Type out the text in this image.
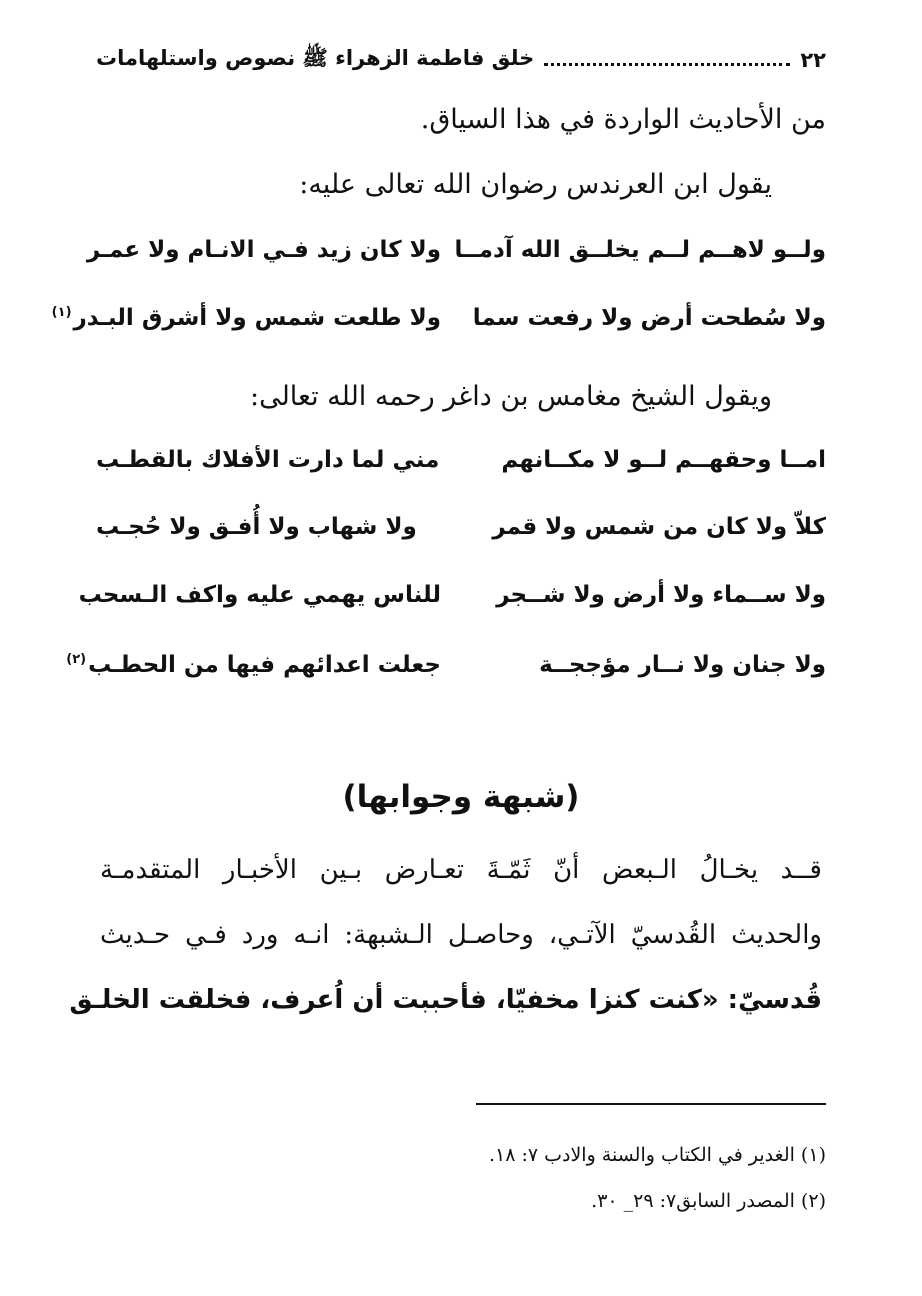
٢٢
خلق فاطمة الزهراء ﷺ نصوص واستلهامات
من الأحاديث الواردة في هذا السياق.
يقول ابن العرندس رضوان الله تعالى عليه:
ولــو لاهــم لــم يخلــق الله آدمــا
ولا كان زيد فـي الانـام ولا عمـر
ولا سُطحت أرض ولا رفعت سما
ولا طلعت شمس ولا أشرق البـدر$^{(١)}$
ويقول الشيخ مغامس بن داغر رحمه الله تعالى:
امــا وحقهــم لــو لا مكــانهم
مني لما دارت الأفلاك بالقطـب
كلاّ ولا كان من شمس ولا قمر
ولا شهاب ولا أُفـق ولا حُجـب
ولا ســماء ولا أرض ولا شــجر
للناس يهمي عليه واكف الـسحب
ولا جنان ولا نــار مؤججــة
جعلت اعدائهم فيها من الحطـب$^{(٢)}$
(شبهة وجوابها)
قــد يخـالُ الـبعض أنّ ثَمّـةَ تعـارض بـين الأخبـار المتقدمـة
والحديث القُدسيّ الآتـي، وحاصـل الـشبهة: انـه ورد فـي حـديث
قُدسيّ: «كنت كنزا مخفيّا، فأحببت أن اُعرف، فخلقت الخلـق
(١) الغدير في الكتاب والسنة والادب ٧: ١٨.
(٢) المصدر السابق٧: ٢٩_ ٣٠.
